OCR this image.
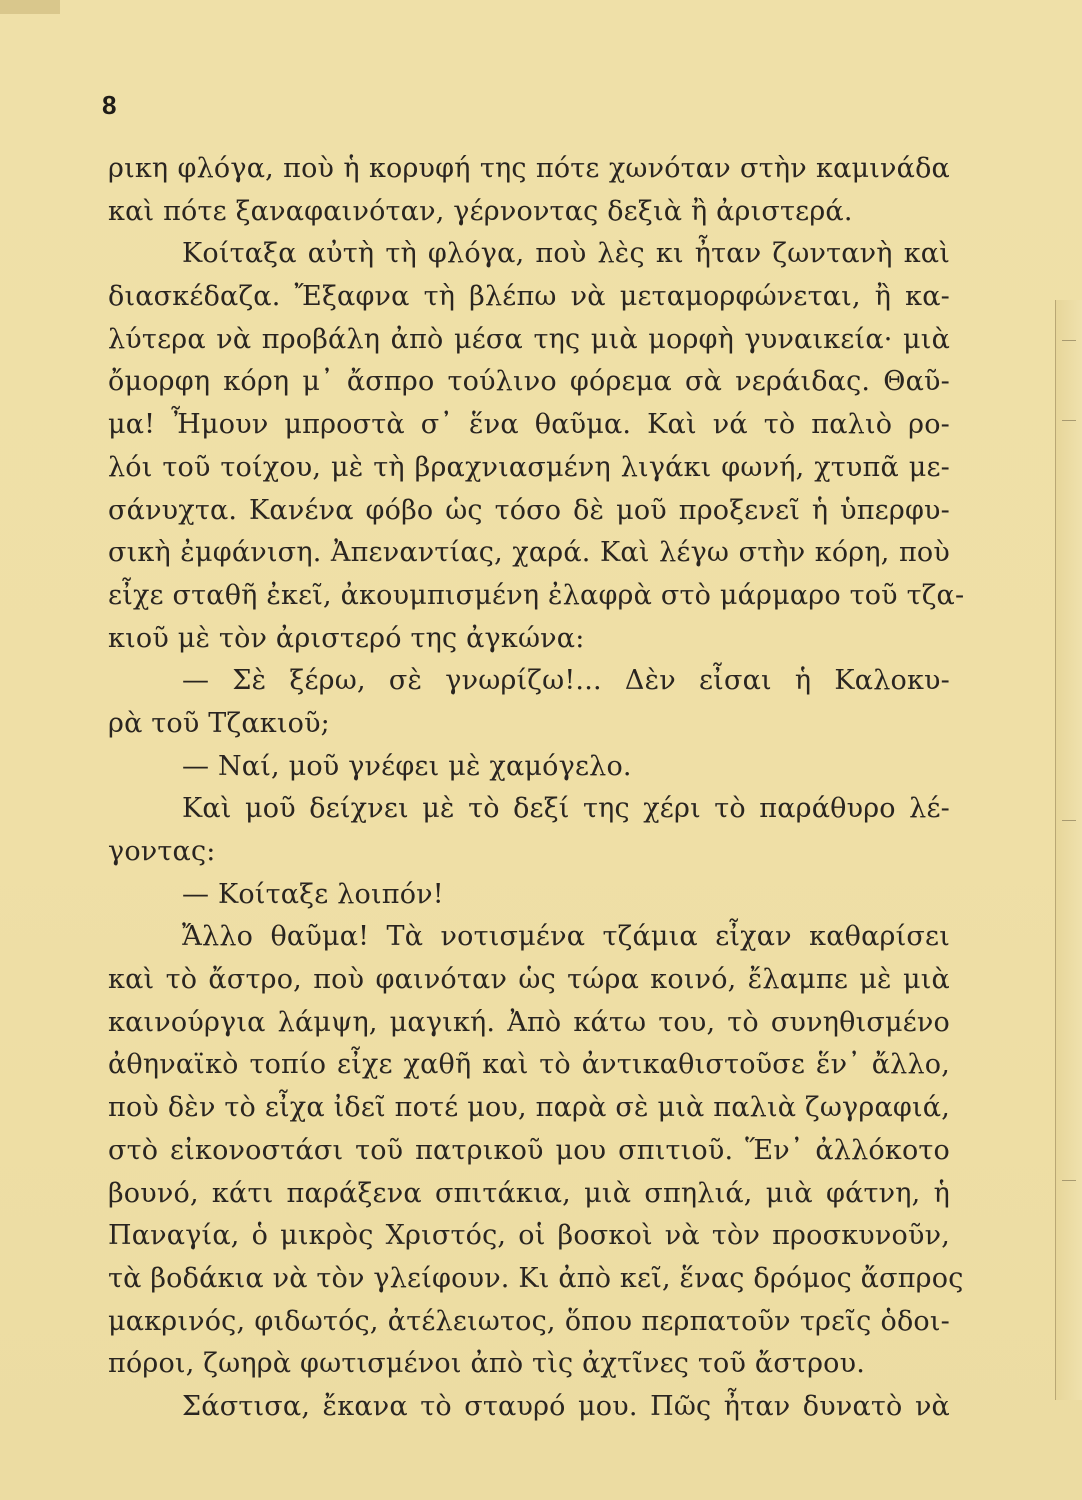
8
ρικη φλόγα, ποὺ ἡ κορυφή της πότε χωνόταν στὴν καμινάδα
καὶ πότε ξαναφαινόταν, γέρνοντας δεξιὰ ἢ ἀριστερά.
Κοίταξα αὐτὴ τὴ φλόγα, ποὺ λὲς κι ἦταν ζωντανὴ καὶ
διασκέδαζα. Ἔξαφνα τὴ βλέπω νὰ μεταμορφώνεται, ἢ κα-
λύτερα νὰ προβάλη ἀπὸ μέσα της μιὰ μορφὴ γυναικεία· μιὰ
ὄμορφη κόρη μ᾽ ἄσπρο τούλινο φόρεμα σὰ νεράιδας. Θαῦ-
μα! Ἦμουν μπροστὰ σ᾽ ἕνα θαῦμα. Καὶ νά τὸ παλιὸ ρο-
λόι τοῦ τοίχου, μὲ τὴ βραχνιασμένη λιγάκι φωνή, χτυπᾶ με-
σάνυχτα. Κανένα φόβο ὡς τόσο δὲ μοῦ προξενεῖ ἡ ὑπερφυ-
σικὴ ἐμφάνιση. Ἀπεναντίας, χαρά. Καὶ λέγω στὴν κόρη, ποὺ
εἶχε σταθῆ ἐκεῖ, ἀκουμπισμένη ἐλαφρὰ στὸ μάρμαρο τοῦ τζα-
κιοῦ μὲ τὸν ἀριστερό της ἀγκώνα:
— Σὲ ξέρω, σὲ γνωρίζω!... Δὲν εἶσαι ἡ Καλοκυ-
ρὰ τοῦ Τζακιοῦ;
— Ναί, μοῦ γνέφει μὲ χαμόγελο.
Καὶ μοῦ δείχνει μὲ τὸ δεξί της χέρι τὸ παράθυρο λέ-
γοντας:
— Κοίταξε λοιπόν!
Ἄλλο θαῦμα! Τὰ νοτισμένα τζάμια εἶχαν καθαρίσει
καὶ τὸ ἄστρο, ποὺ φαινόταν ὡς τώρα κοινό, ἔλαμπε μὲ μιὰ
καινούργια λάμψη, μαγική. Ἀπὸ κάτω του, τὸ συνηθισμένο
ἀθηναϊκὸ τοπίο εἶχε χαθῆ καὶ τὸ ἀντικαθιστοῦσε ἕν᾽ ἄλλο,
ποὺ δὲν τὸ εἶχα ἰδεῖ ποτέ μου, παρὰ σὲ μιὰ παλιὰ ζωγραφιά,
στὸ εἰκονοστάσι τοῦ πατρικοῦ μου σπιτιοῦ. Ἕν᾽ ἀλλόκοτο
βουνό, κάτι παράξενα σπιτάκια, μιὰ σπηλιά, μιὰ φάτνη, ἡ
Παναγία, ὁ μικρὸς Χριστός, οἱ βοσκοὶ νὰ τὸν προσκυνοῦν,
τὰ βοδάκια νὰ τὸν γλείφουν. Κι ἀπὸ κεῖ, ἕνας δρόμος ἄσπρος
μακρινός, φιδωτός, ἀτέλειωτος, ὅπου περπατοῦν τρεῖς ὁδοι-
πόροι, ζωηρὰ φωτισμένοι ἀπὸ τὶς ἀχτῖνες τοῦ ἄστρου.
Σάστισα, ἔκανα τὸ σταυρό μου. Πῶς ἦταν δυνατὸ νὰ
